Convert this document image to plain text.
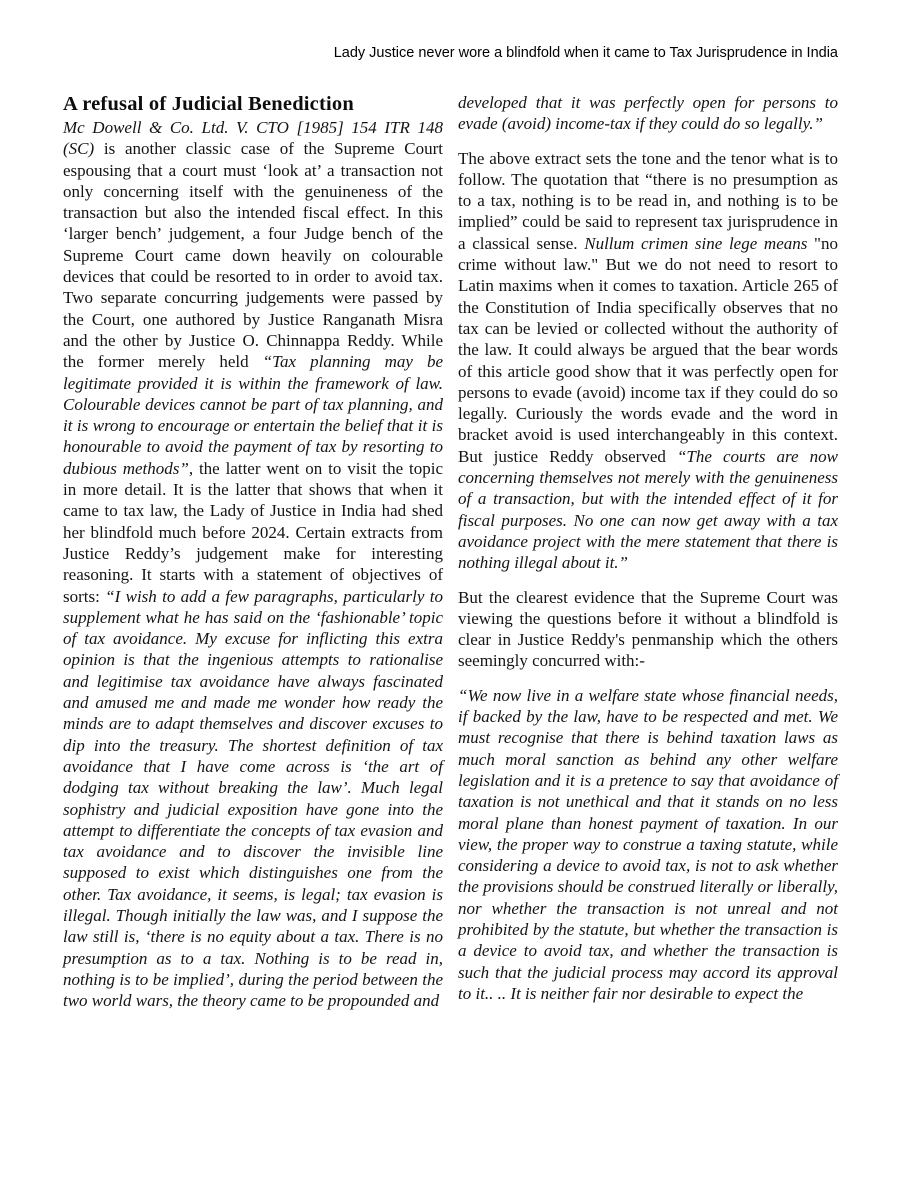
Lady Justice never wore a blindfold when it came to Tax Jurisprudence in India
A refusal of Judicial Benediction

Mc Dowell & Co. Ltd. V. CTO [1985] 154 ITR 148 (SC) is another classic case of the Supreme Court espousing that a court must ‘look at’ a transaction not only concerning itself with the genuineness of the transaction but also the intended fiscal effect. In this ‘larger bench’ judgement, a four Judge bench of the Supreme Court came down heavily on colourable devices that could be resorted to in order to avoid tax. Two separate concurring judgements were passed by the Court, one authored by Justice Ranganath Misra and the other by Justice O. Chinnappa Reddy. While the former merely held “Tax planning may be legitimate provided it is within the framework of law. Colourable devices cannot be part of tax planning, and it is wrong to encourage or entertain the belief that it is honourable to avoid the payment of tax by resorting to dubious methods”, the latter went on to visit the topic in more detail. It is the latter that shows that when it came to tax law, the Lady of Justice in India had shed her blindfold much before 2024. Certain extracts from Justice Reddy’s judgement make for interesting reasoning. It starts with a statement of objectives of sorts: “I wish to add a few paragraphs, particularly to supplement what he has said on the ‘fashionable’ topic of tax avoidance. My excuse for inflicting this extra opinion is that the ingenious attempts to rationalise and legitimise tax avoidance have always fascinated and amused me and made me wonder how ready the minds are to adapt themselves and discover excuses to dip into the treasury. The shortest definition of tax avoidance that I have come across is ‘the art of dodging tax without breaking the law’. Much legal sophistry and judicial exposition have gone into the attempt to differentiate the concepts of tax evasion and tax avoidance and to discover the invisible line supposed to exist which distinguishes one from the other. Tax avoidance, it seems, is legal; tax evasion is illegal. Though initially the law was, and I suppose the law still is, ‘there is no equity about a tax. There is no presumption as to a tax. Nothing is to be read in, nothing is to be implied’, during the period between the two world wars, the theory came to be propounded and

developed that it was perfectly open for persons to evade (avoid) income-tax if they could do so legally.”

The above extract sets the tone and the tenor what is to follow. The quotation that “there is no presumption as to a tax, nothing is to be read in, and nothing is to be implied” could be said to represent tax jurisprudence in a classical sense. Nullum crimen sine lege means "no crime without law." But we do not need to resort to Latin maxims when it comes to taxation. Article 265 of the Constitution of India specifically observes that no tax can be levied or collected without the authority of the law. It could always be argued that the bear words of this article good show that it was perfectly open for persons to evade (avoid) income tax if they could do so legally. Curiously the words evade and the word in bracket avoid is used interchangeably in this context. But justice Reddy observed “The courts are now concerning themselves not merely with the genuineness of a transaction, but with the intended effect of it for fiscal purposes. No one can now get away with a tax avoidance project with the mere statement that there is nothing illegal about it.”

But the clearest evidence that the Supreme Court was viewing the questions before it without a blindfold is clear in Justice Reddy's penmanship which the others seemingly concurred with:-

“We now live in a welfare state whose financial needs, if backed by the law, have to be respected and met. We must recognise that there is behind taxation laws as much moral sanction as behind any other welfare legislation and it is a pretence to say that avoidance of taxation is not unethical and that it stands on no less moral plane than honest payment of taxation. In our view, the proper way to construe a taxing statute, while considering a device to avoid tax, is not to ask whether the provisions should be construed literally or liberally, nor whether the transaction is not unreal and not prohibited by the statute, but whether the transaction is a device to avoid tax, and whether the transaction is such that the judicial process may accord its approval to it.. .. It is neither fair nor desirable to expect the
